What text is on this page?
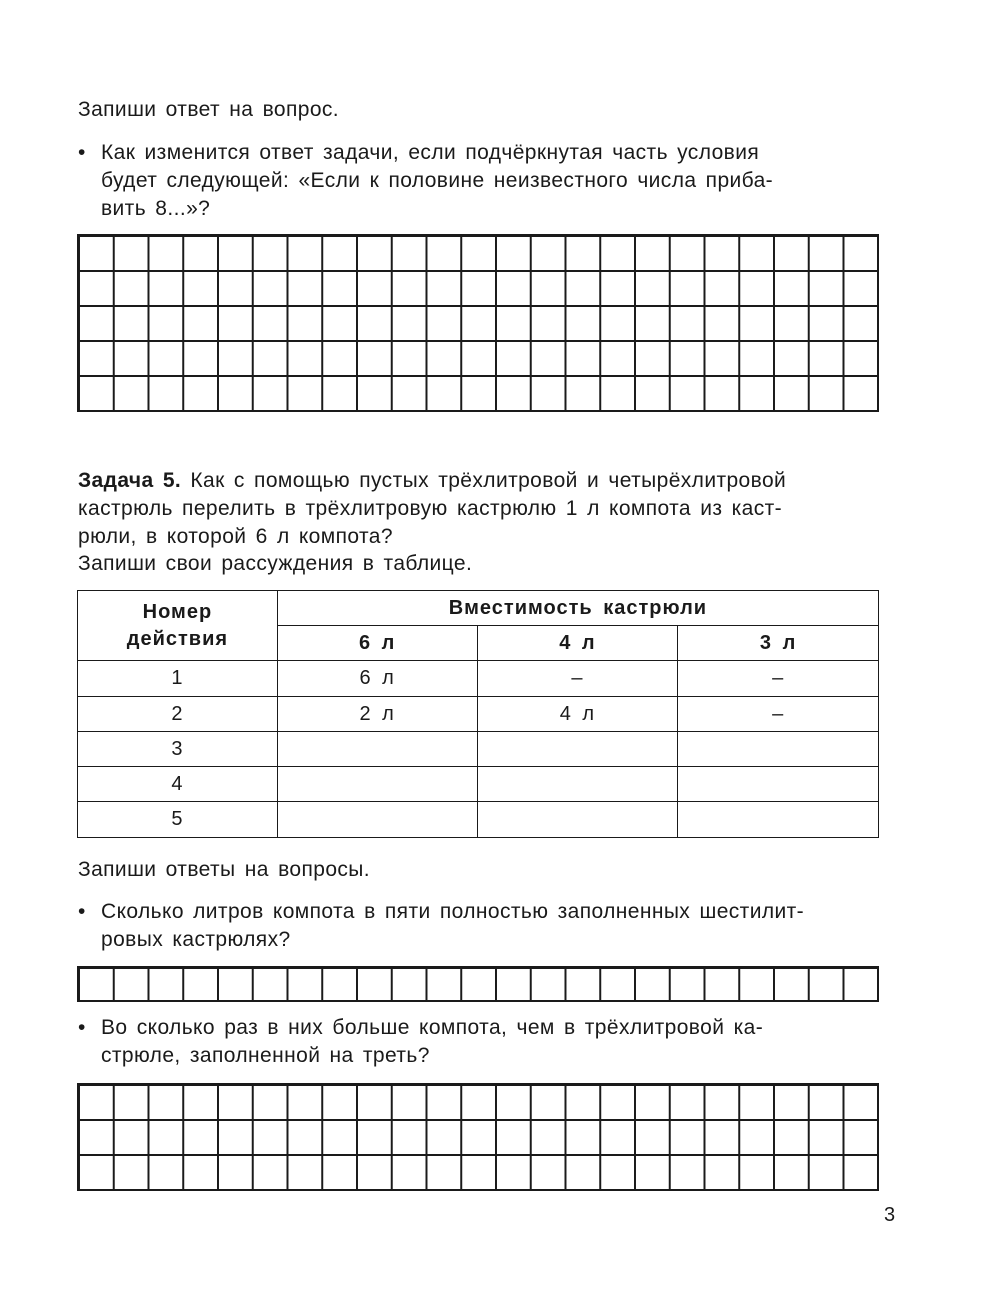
Запиши ответ на вопрос.
• Как изменится ответ задачи, если подчёркнутая часть условия
будет следующей: «Если к половине неизвестного числа приба-
вить 8...»?
Задача 5. Как с помощью пустых трёхлитровой и четырёхлитровой
кастрюль перелить в трёхлитровую кастрюлю 1 л компота из каст-
рюли, в которой 6 л компота?
Запиши свои рассуждения в таблице.
Номер
действия	Вместимость кастрюли		
	6 л	4 л	3 л
1	6 л	–	–
2	2 л	4 л	–
3			
4			
5			
Запиши ответы на вопросы.
• Сколько литров компота в пяти полностью заполненных шестилит-
ровых кастрюлях?
• Во сколько раз в них больше компота, чем в трёхлитровой ка-
стрюле, заполненной на треть?
3
